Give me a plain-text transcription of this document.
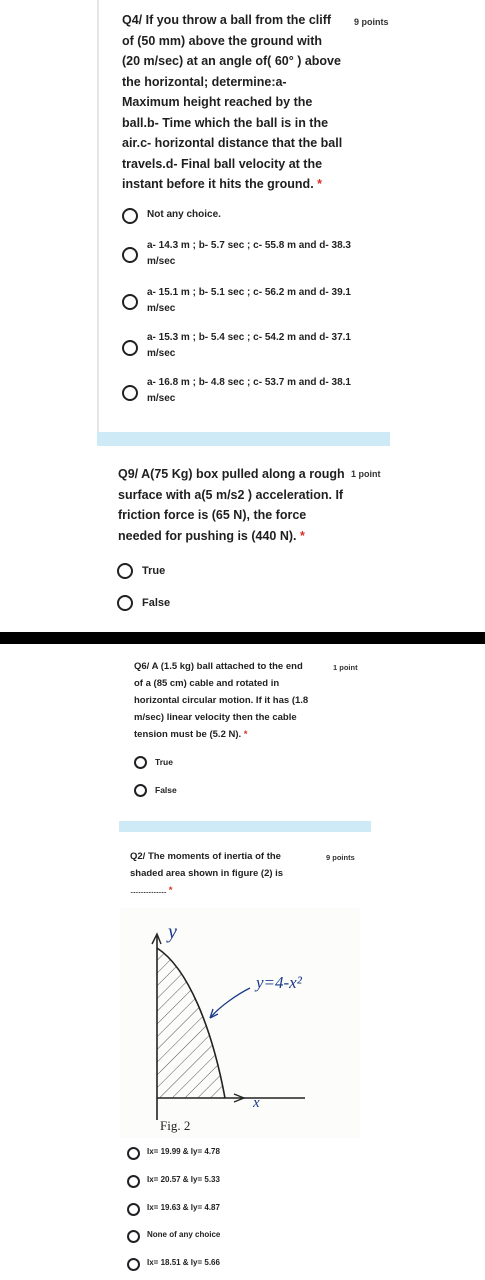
Q4/ If you throw a ball from the cliff
of (50 mm) above the ground with
(20 m/sec) at an angle of( 60° ) above
the horizontal; determine:a-
Maximum height reached by the
ball.b- Time which the ball is in the
air.c- horizontal distance that the ball
travels.d- Final ball velocity at the
instant before it hits the ground. *
9 points
Not any choice.
a- 14.3 m ; b- 5.7 sec ; c- 55.8 m and d- 38.3
m/sec
a- 15.1 m ; b- 5.1 sec ; c- 56.2 m and d- 39.1
m/sec
a- 15.3 m ; b- 5.4 sec ; c- 54.2 m and d- 37.1
m/sec
a- 16.8 m ; b- 4.8 sec ; c- 53.7 m and d- 38.1
m/sec
Q9/ A(75 Kg) box pulled along a rough
surface with a(5 m/s2 ) acceleration. If
friction force is (65 N), the force
needed for pushing is (440 N). *
1 point
True
False
Q6/ A (1.5 kg) ball attached to the end
of a (85 cm) cable and rotated in
horizontal circular motion. If it has (1.8
m/sec) linear velocity then the cable
tension must be (5.2 N). *
1 point
True
False
Q2/ The moments of inertia of the
shaded area shown in figure (2) is
...................... *
9 points
y
x
y=4-x²
Fig. 2
Ix= 19.99 & Iy= 4.78
Ix= 20.57 & Iy= 5.33
Ix= 19.63 & Iy= 4.87
None of any choice
Ix= 18.51 & Iy= 5.66
